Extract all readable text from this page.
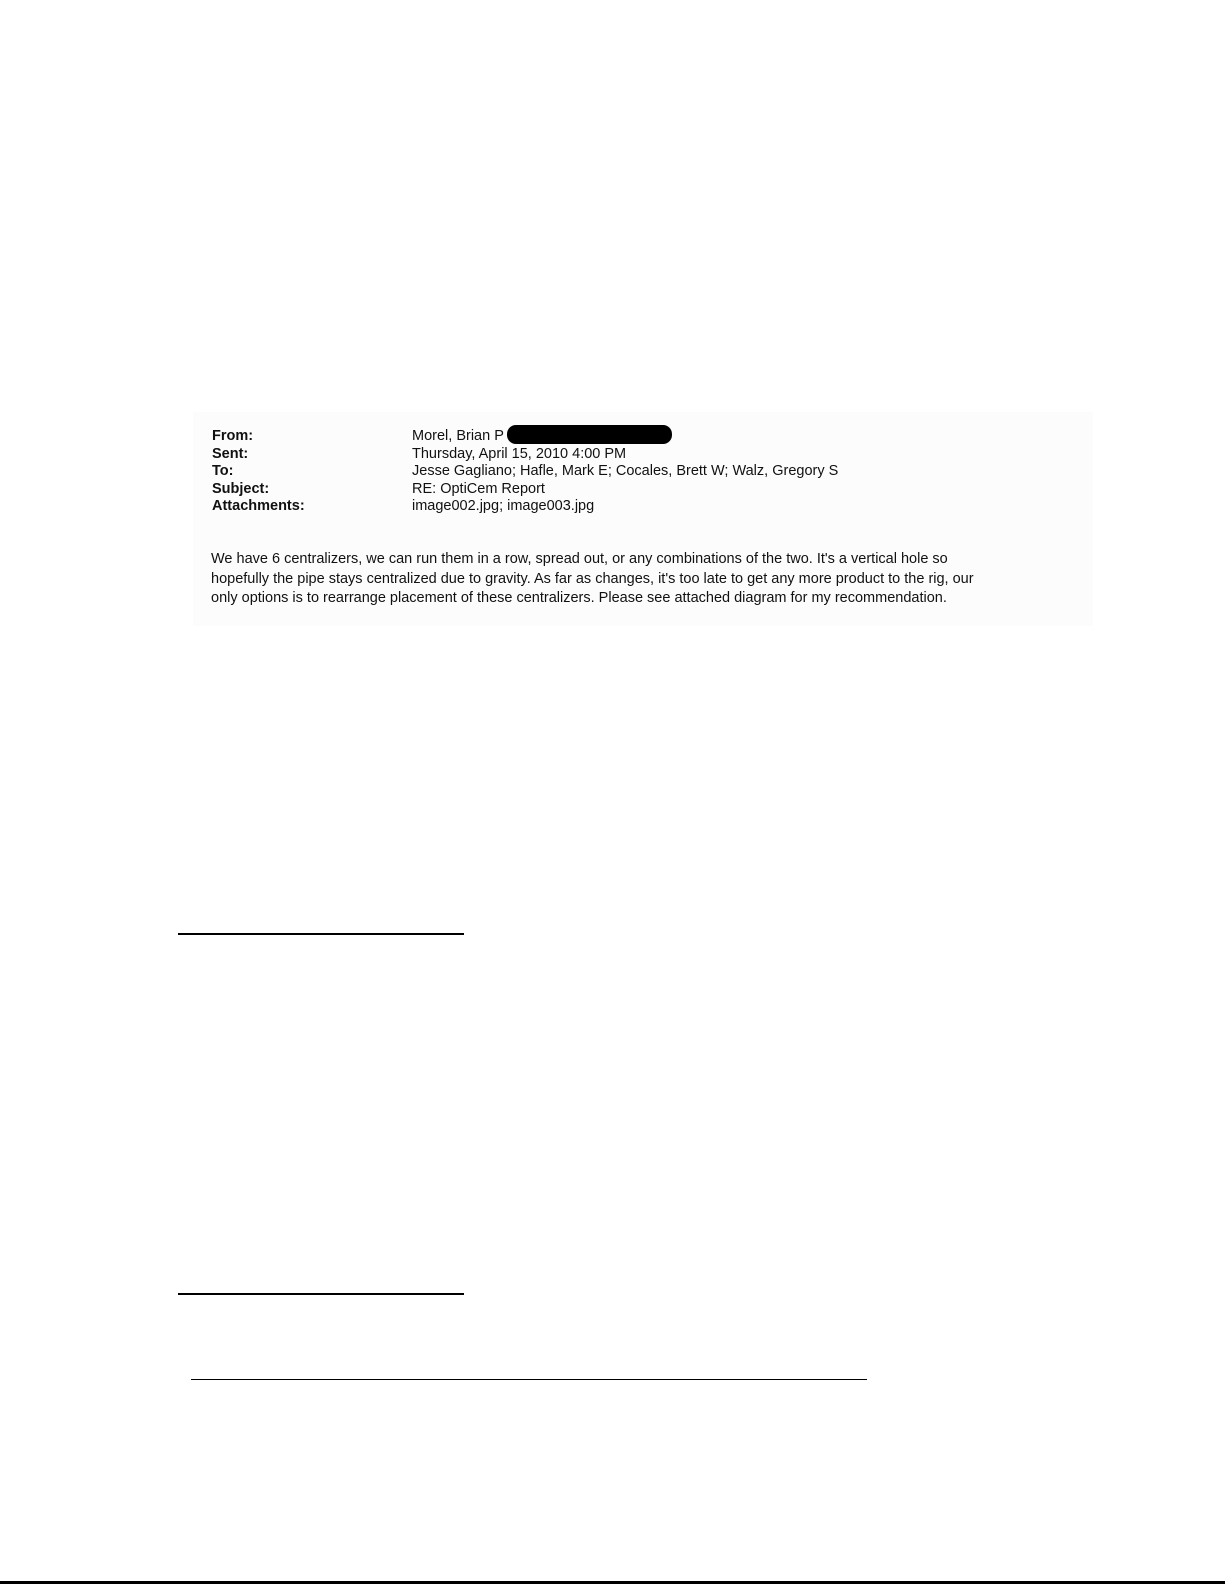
From:	Morel, Brian P
Sent:	Thursday, April 15, 2010 4:00 PM
To:	Jesse Gagliano; Hafle, Mark E; Cocales, Brett W; Walz, Gregory S
Subject:	RE: OptiCem Report
Attachments:	image002.jpg; image003.jpg
We have 6 centralizers, we can run them in a row, spread out, or any combinations of the two. It's a vertical hole so
hopefully the pipe stays centralized due to gravity. As far as changes, it's too late to get any more product to the rig, our
only options is to rearrange placement of these centralizers. Please see attached diagram for my recommendation.
